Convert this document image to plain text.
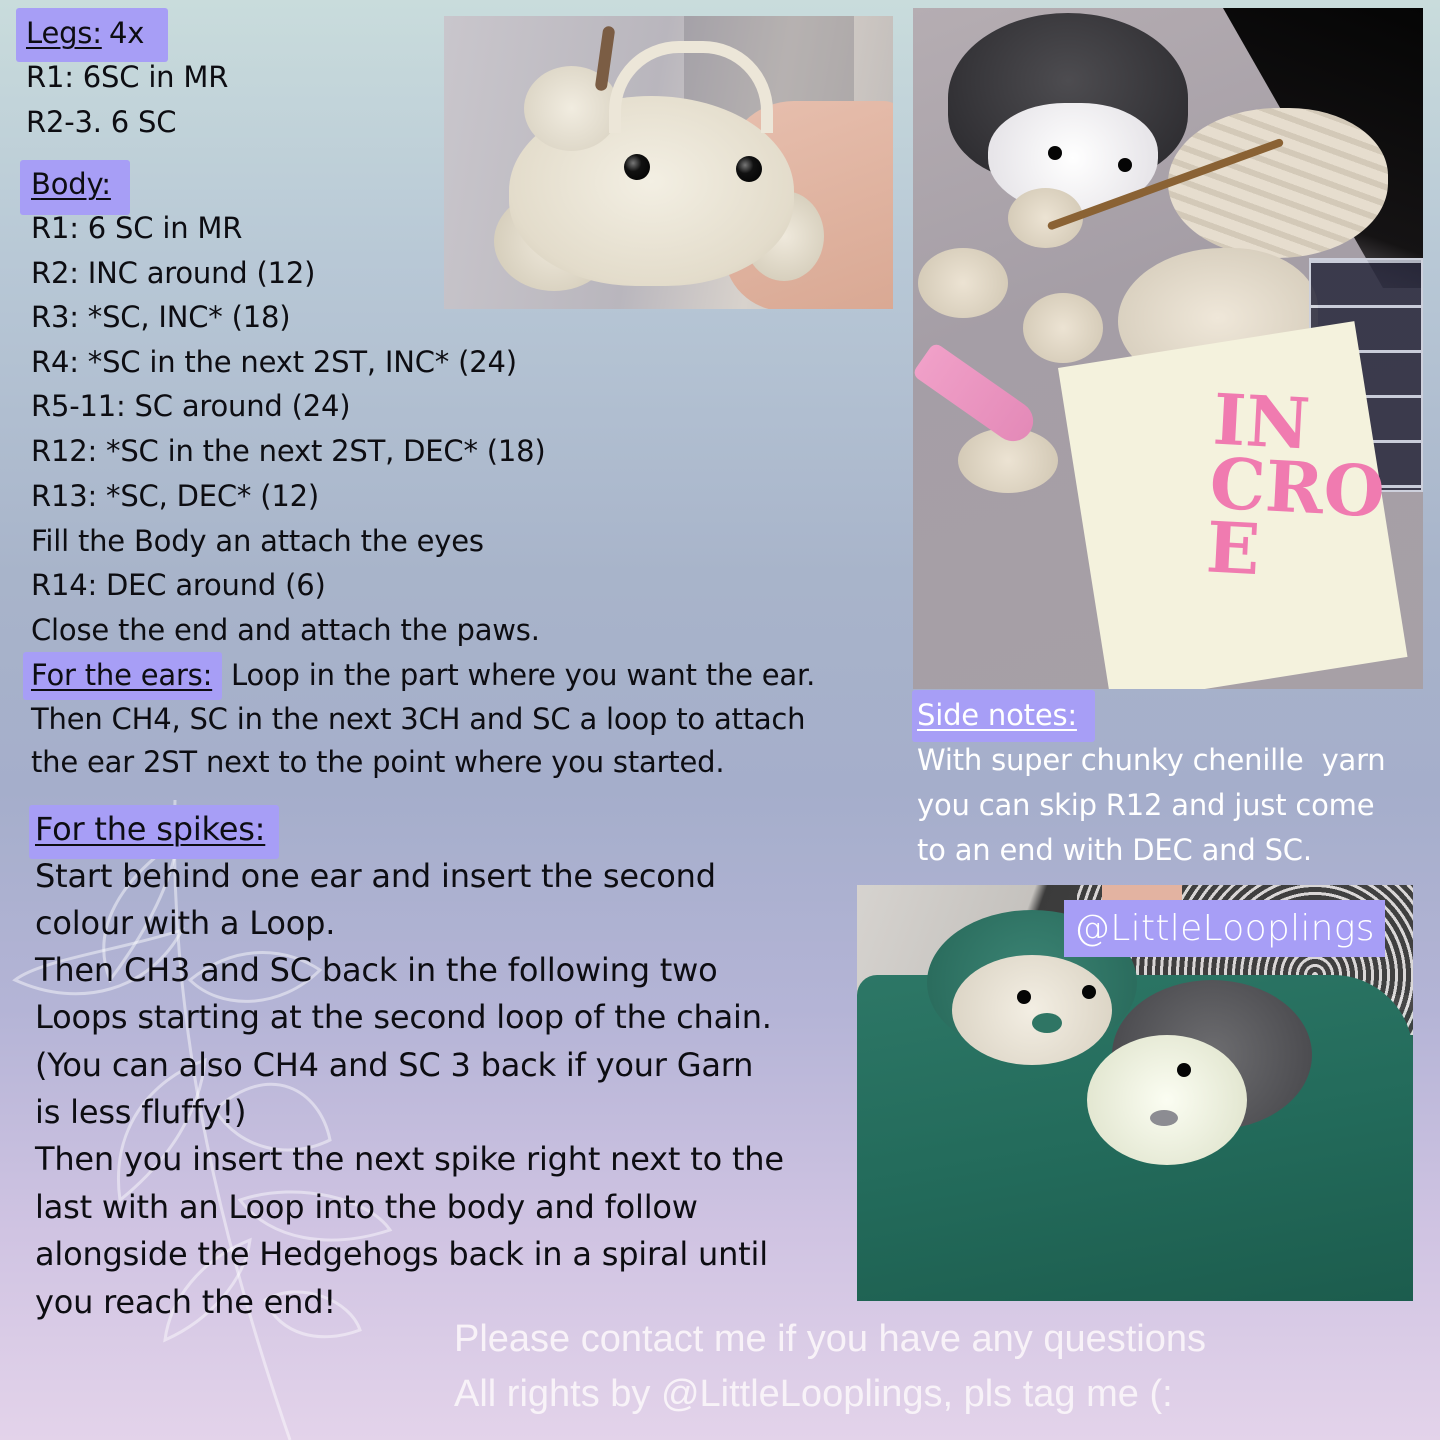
Legs:
4x
R1: 6SC in MR
R2-3. 6 SC
Body:
R1: 6 SC in MR
R2: INC around (12)
R3: *SC, INC* (18)
R4: *SC in the next 2ST, INC* (24)
R5-11: SC around (24)
R12: *SC in the next 2ST, DEC* (18)
R13: *SC, DEC* (12)
Fill the Body an attach the eyes
R14: DEC around (6)
Close the end and attach the paws.
For the ears: Loop in the part where you want the ear.
Then CH4, SC in the next 3CH and SC a loop to attach
the ear 2ST next to the point where you started.
For the spikes:
Start behind one ear and insert the second
colour with a Loop.
Then CH3 and SC back in the following two
Loops starting at the second loop of the chain.
(You can also CH4 and SC 3 back if your Garn
is less fluffy!)
Then you insert the next spike right next to the
last with an Loop into the body and follow
alongside the Hedgehogs back in a spiral until
you reach the end!
IN
CRO
E
Side notes:
With super chunky chenille  yarn
you can skip R12 and just come
to an end with DEC and SC.
@LittleLooplings
Please contact me if you have any questions
All rights by @LittleLooplings, pls tag me (:
